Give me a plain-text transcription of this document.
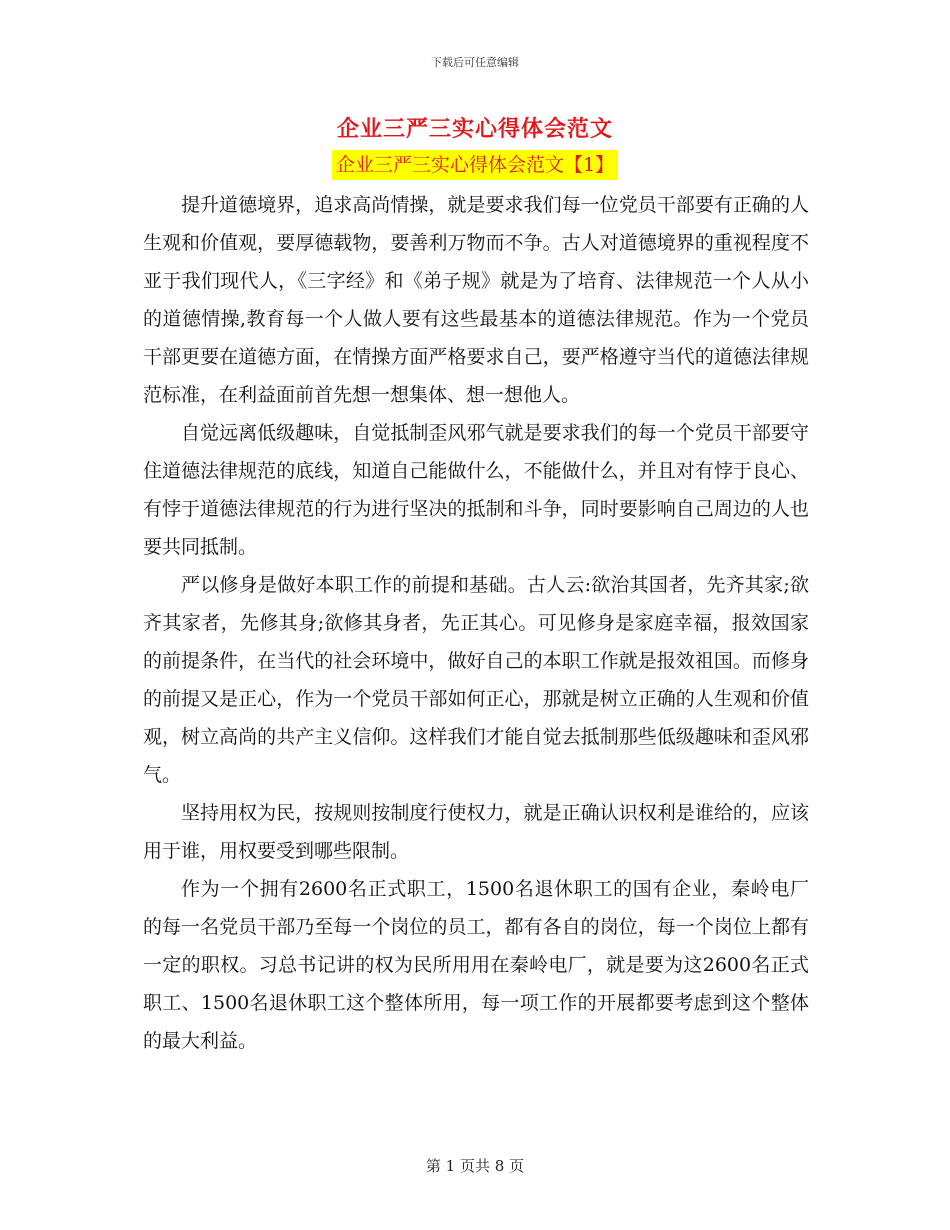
下载后可任意编辑
企业三严三实心得体会范文
企业三严三实心得体会范文【1】

提升道德境界，追求高尚情操，就是要求我们每一位党员干部要有正确的人生观和价值观，要厚德载物，要善利万物而不争。古人对道德境界的重视程度不亚于我们现代人，《三字经》和《弟子规》就是为了培育、法律规范一个人从小的道德情操,教育每一个人做人要有这些最基本的道德法律规范。作为一个党员干部更要在道德方面，在情操方面严格要求自己，要严格遵守当代的道德法律规范标准，在利益面前首先想一想集体、想一想他人。

自觉远离低级趣味，自觉抵制歪风邪气就是要求我们的每一个党员干部要守住道德法律规范的底线，知道自己能做什么，不能做什么，并且对有悖于良心、有悖于道德法律规范的行为进行坚决的抵制和斗争，同时要影响自己周边的人也要共同抵制。

严以修身是做好本职工作的前提和基础。古人云:欲治其国者，先齐其家;欲齐其家者，先修其身;欲修其身者，先正其心。可见修身是家庭幸福，报效国家的前提条件，在当代的社会环境中，做好自己的本职工作就是报效祖国。而修身的前提又是正心，作为一个党员干部如何正心，那就是树立正确的人生观和价值观，树立高尚的共产主义信仰。这样我们才能自觉去抵制那些低级趣味和歪风邪气。

坚持用权为民，按规则按制度行使权力，就是正确认识权利是谁给的，应该用于谁，用权要受到哪些限制。

作为一个拥有2600名正式职工，1500名退休职工的国有企业，秦岭电厂的每一名党员干部乃至每一个岗位的员工，都有各自的岗位，每一个岗位上都有一定的职权。习总书记讲的权为民所用用在秦岭电厂，就是要为这2600名正式职工、1500名退休职工这个整体所用，每一项工作的开展都要考虑到这个整体的最大利益。

第 1 页共 8 页
